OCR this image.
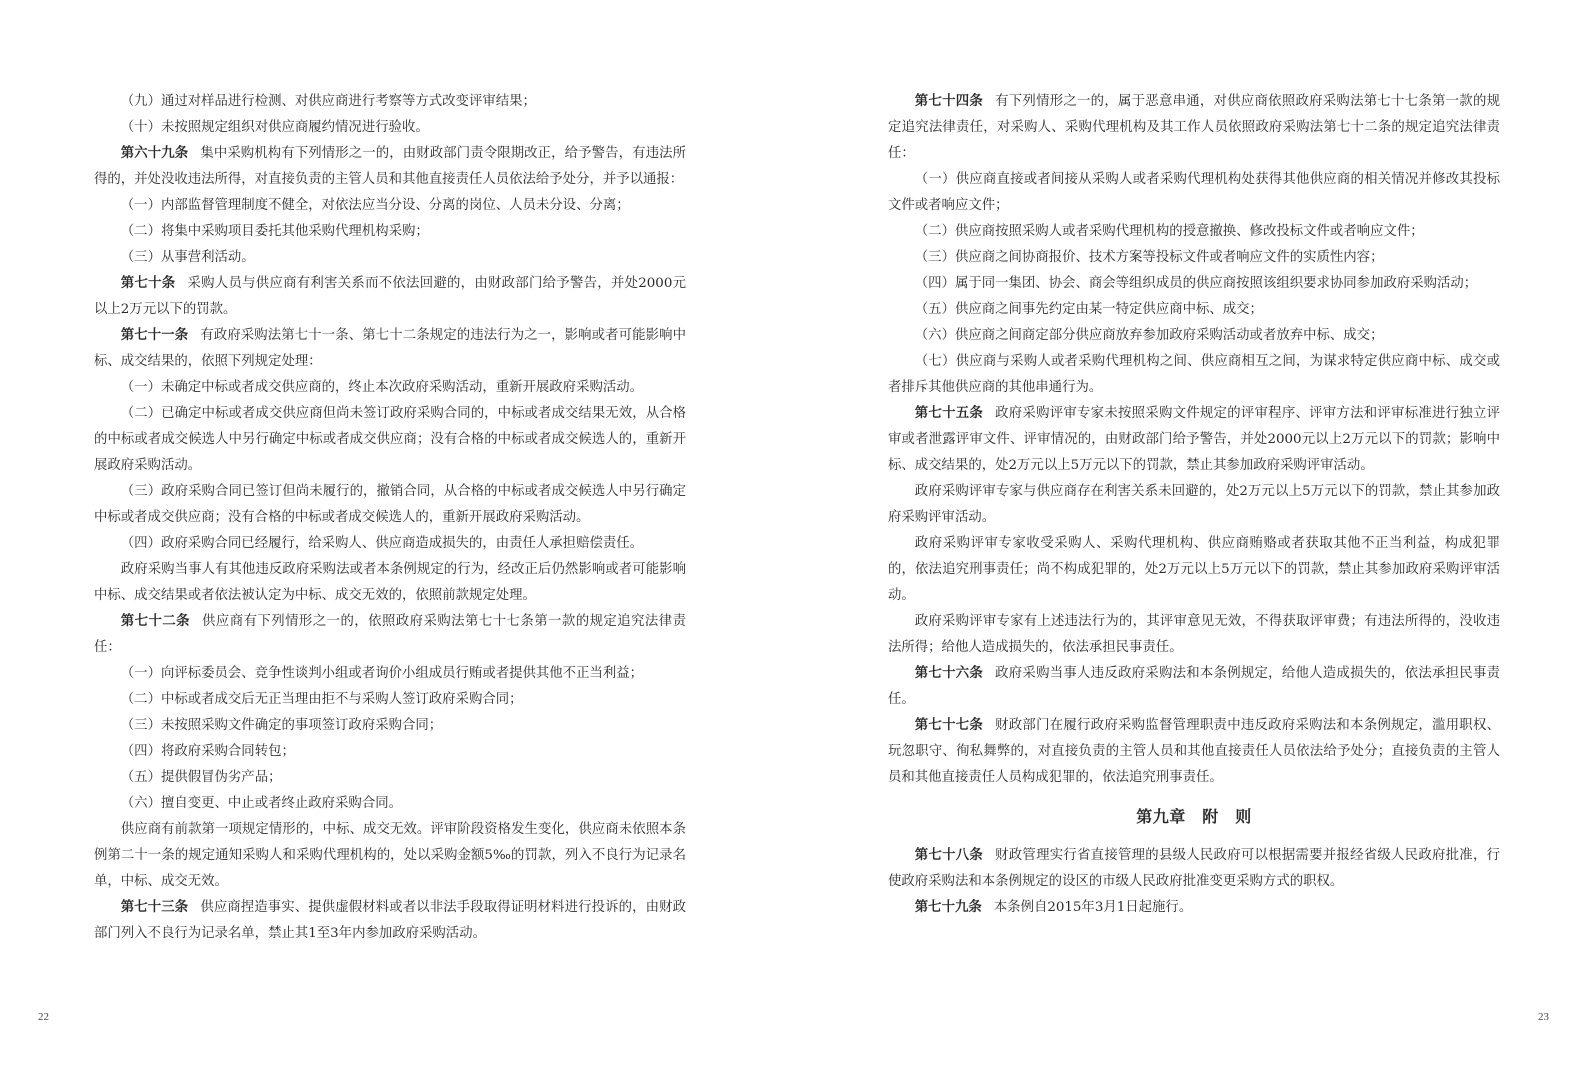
（九）通过对样品进行检测、对供应商进行考察等方式改变评审结果；

（十）未按照规定组织对供应商履约情况进行验收。

第六十九条 集中采购机构有下列情形之一的，由财政部门责令限期改正，给予警告，有违法所得的，并处没收违法所得，对直接负责的主管人员和其他直接责任人员依法给予处分，并予以通报：

（一）内部监督管理制度不健全，对依法应当分设、分离的岗位、人员未分设、分离；

（二）将集中采购项目委托其他采购代理机构采购；

（三）从事营利活动。

第七十条 采购人员与供应商有利害关系而不依法回避的，由财政部门给予警告，并处2000元以上2万元以下的罚款。

第七十一条 有政府采购法第七十一条、第七十二条规定的违法行为之一，影响或者可能影响中标、成交结果的，依照下列规定处理：

（一）未确定中标或者成交供应商的，终止本次政府采购活动，重新开展政府采购活动。

（二）已确定中标或者成交供应商但尚未签订政府采购合同的，中标或者成交结果无效，从合格的中标或者成交候选人中另行确定中标或者成交供应商；没有合格的中标或者成交候选人的，重新开展政府采购活动。

（三）政府采购合同已签订但尚未履行的，撤销合同，从合格的中标或者成交候选人中另行确定中标或者成交供应商；没有合格的中标或者成交候选人的，重新开展政府采购活动。

（四）政府采购合同已经履行，给采购人、供应商造成损失的，由责任人承担赔偿责任。

政府采购当事人有其他违反政府采购法或者本条例规定的行为，经改正后仍然影响或者可能影响中标、成交结果或者依法被认定为中标、成交无效的，依照前款规定处理。

第七十二条 供应商有下列情形之一的，依照政府采购法第七十七条第一款的规定追究法律责任：

（一）向评标委员会、竞争性谈判小组或者询价小组成员行贿或者提供其他不正当利益；

（二）中标或者成交后无正当理由拒不与采购人签订政府采购合同；

（三）未按照采购文件确定的事项签订政府采购合同；

（四）将政府采购合同转包；

（五）提供假冒伪劣产品；

（六）擅自变更、中止或者终止政府采购合同。

供应商有前款第一项规定情形的，中标、成交无效。评审阶段资格发生变化，供应商未依照本条例第二十一条的规定通知采购人和采购代理机构的，处以采购金额5‰的罚款，列入不良行为记录名单，中标、成交无效。

第七十三条 供应商捏造事实、提供虚假材料或者以非法手段取得证明材料进行投诉的，由财政部门列入不良行为记录名单，禁止其1至3年内参加政府采购活动。

22

第七十四条 有下列情形之一的，属于恶意串通，对供应商依照政府采购法第七十七条第一款的规定追究法律责任，对采购人、采购代理机构及其工作人员依照政府采购法第七十二条的规定追究法律责任：

（一）供应商直接或者间接从采购人或者采购代理机构处获得其他供应商的相关情况并修改其投标文件或者响应文件；

（二）供应商按照采购人或者采购代理机构的授意撤换、修改投标文件或者响应文件；

（三）供应商之间协商报价、技术方案等投标文件或者响应文件的实质性内容；

（四）属于同一集团、协会、商会等组织成员的供应商按照该组织要求协同参加政府采购活动；

（五）供应商之间事先约定由某一特定供应商中标、成交；

（六）供应商之间商定部分供应商放弃参加政府采购活动或者放弃中标、成交；

（七）供应商与采购人或者采购代理机构之间、供应商相互之间，为谋求特定供应商中标、成交或者排斥其他供应商的其他串通行为。

第七十五条 政府采购评审专家未按照采购文件规定的评审程序、评审方法和评审标准进行独立评审或者泄露评审文件、评审情况的，由财政部门给予警告，并处2000元以上2万元以下的罚款；影响中标、成交结果的，处2万元以上5万元以下的罚款，禁止其参加政府采购评审活动。

政府采购评审专家与供应商存在利害关系未回避的，处2万元以上5万元以下的罚款，禁止其参加政府采购评审活动。

政府采购评审专家收受采购人、采购代理机构、供应商贿赂或者获取其他不正当利益，构成犯罪的，依法追究刑事责任；尚不构成犯罪的，处2万元以上5万元以下的罚款，禁止其参加政府采购评审活动。

政府采购评审专家有上述违法行为的，其评审意见无效，不得获取评审费；有违法所得的，没收违法所得；给他人造成损失的，依法承担民事责任。

第七十六条 政府采购当事人违反政府采购法和本条例规定，给他人造成损失的，依法承担民事责任。

第七十七条 财政部门在履行政府采购监督管理职责中违反政府采购法和本条例规定，滥用职权、玩忽职守、徇私舞弊的，对直接负责的主管人员和其他直接责任人员依法给予处分；直接负责的主管人员和其他直接责任人员构成犯罪的，依法追究刑事责任。

第九章　附　则

第七十八条 财政管理实行省直接管理的县级人民政府可以根据需要并报经省级人民政府批准，行使政府采购法和本条例规定的设区的市级人民政府批准变更采购方式的职权。

第七十九条 本条例自2015年3月1日起施行。

23
